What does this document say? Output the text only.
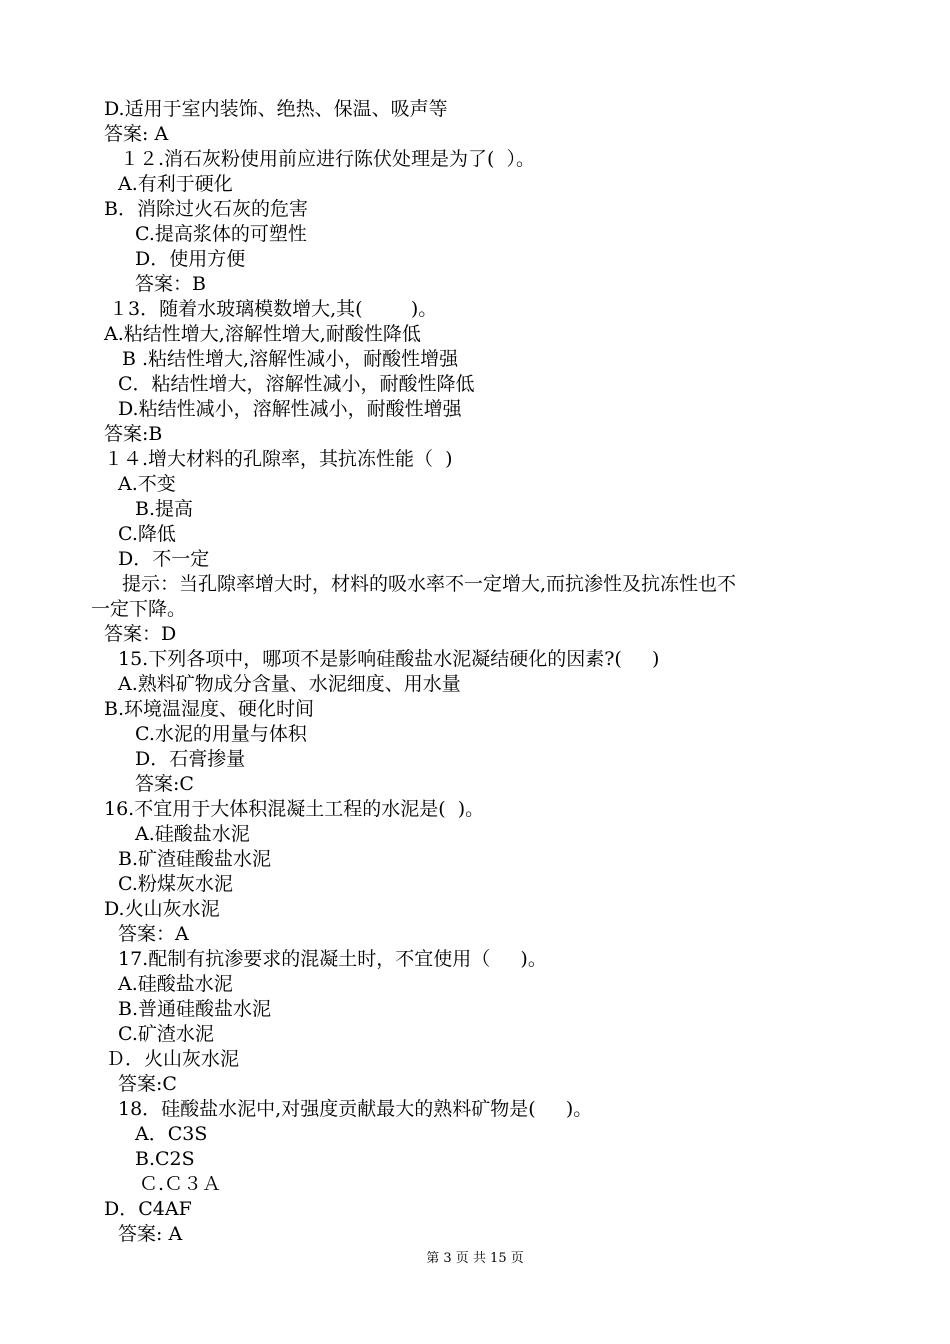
D.适用于室内装饰、绝热、保温、吸声等
答案: A
１２.消石灰粉使用前应进行陈伏处理是为了(  ）。
A.有利于硬化
B．消除过火石灰的危害
C.提高浆体的可塑性
D．使用方便
答案：B
１3．随着水玻璃模数增大,其(        )。
A.粘结性增大,溶解性增大,耐酸性降低
B .粘结性增大,溶解性减小，耐酸性增强
C．粘结性增大，溶解性减小，耐酸性降低
D.粘结性减小，溶解性减小，耐酸性增强
答案:B
１４.增大材料的孔隙率，其抗冻性能（  )
A.不变
B.提高
C.降低
D．不一定
提示：当孔隙率增大时，材料的吸水率不一定增大,而抗渗性及抗冻性也不
一定下降。
答案：D
15.下列各项中，哪项不是影响硅酸盐水泥凝结硬化的因素?(     )
A.熟料矿物成分含量、水泥细度、用水量
B.环境温湿度、硬化时间
C.水泥的用量与体积
D．石膏掺量
答案:C
16.不宜用于大体积混凝土工程的水泥是(  )。
A.硅酸盐水泥
B.矿渣硅酸盐水泥
C.粉煤灰水泥
D.火山灰水泥
答案：A
17.配制有抗渗要求的混凝土时，不宜使用（     )。
A.硅酸盐水泥
B.普通硅酸盐水泥
C.矿渣水泥
Ｄ．火山灰水泥
答案:C
18．硅酸盐水泥中,对强度贡献最大的熟料矿物是(     )。
A．C3S
B.C2S
Ｃ.Ｃ３Ａ
D．C4AF
答案: A
第 3 页 共 15 页
